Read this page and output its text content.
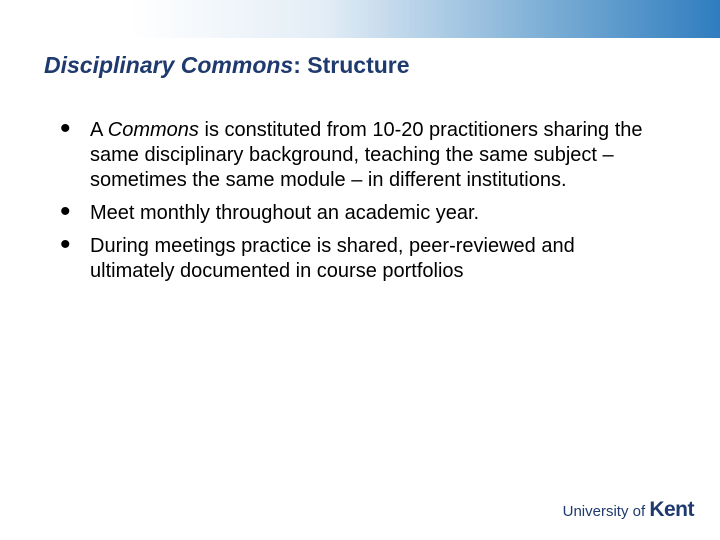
Disciplinary Commons: Structure
• A Commons is constituted from 10-20 practitioners sharing the same disciplinary background, teaching the same subject – sometimes the same module – in different institutions.
• Meet monthly throughout an academic year.
• During meetings practice is shared, peer-reviewed and ultimately documented in course portfolios
University of Kent
